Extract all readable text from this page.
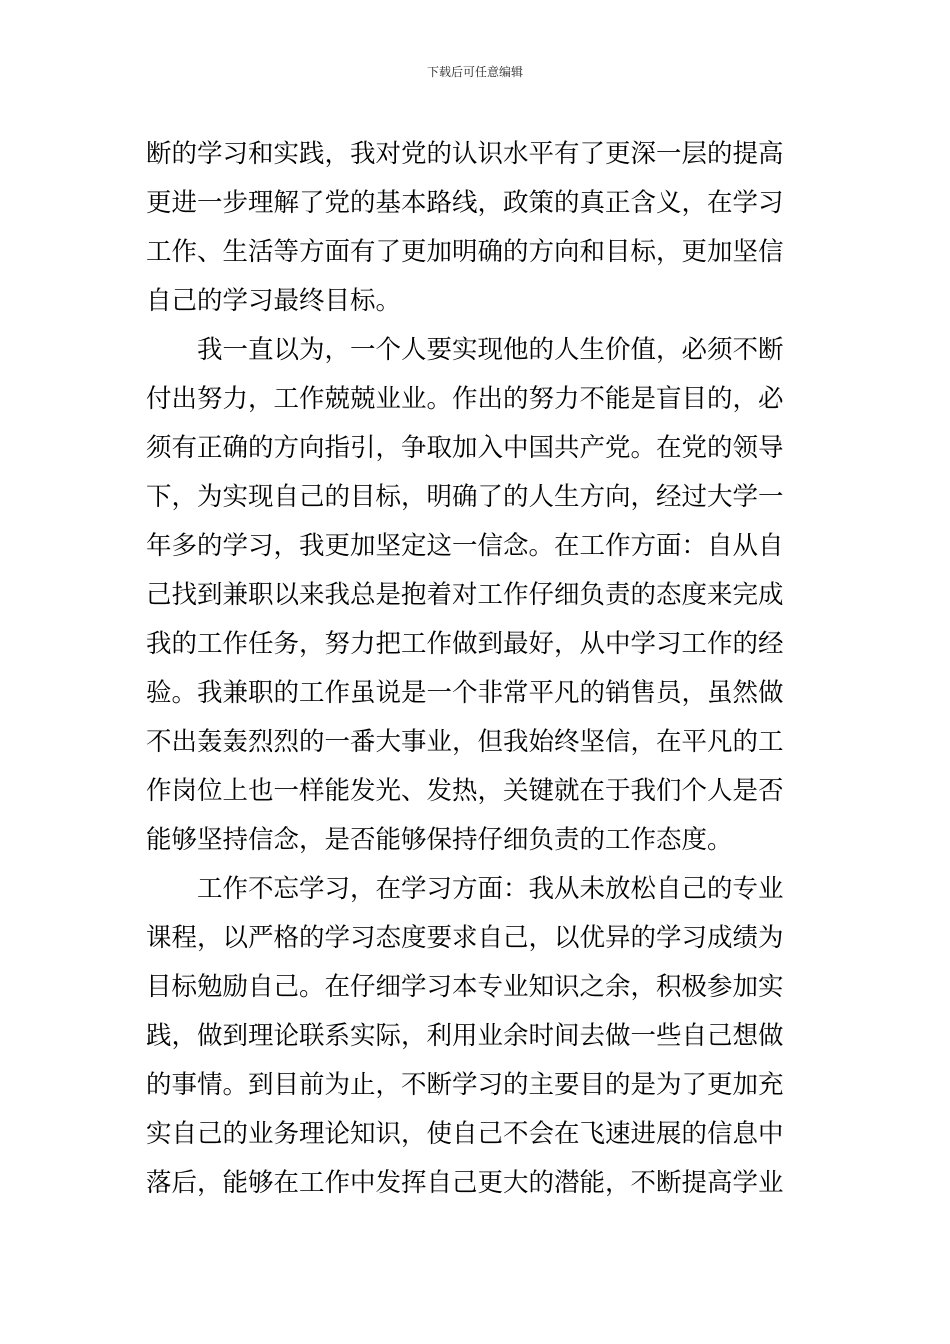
下载后可任意编辑
断的学习和实践，我对党的认识水平有了更深一层的提高
更进一步理解了党的基本路线，政策的真正含义，在学习
工作、生活等方面有了更加明确的方向和目标，更加坚信
自己的学习最终目标。
我一直以为，一个人要实现他的人生价值，必须不断
付出努力，工作兢兢业业。作出的努力不能是盲目的，必
须有正确的方向指引，争取加入中国共产党。在党的领导
下，为实现自己的目标，明确了的人生方向，经过大学一
年多的学习，我更加坚定这一信念。在工作方面：自从自
己找到兼职以来我总是抱着对工作仔细负责的态度来完成
我的工作任务，努力把工作做到最好，从中学习工作的经
验。我兼职的工作虽说是一个非常平凡的销售员，虽然做
不出轰轰烈烈的一番大事业，但我始终坚信，在平凡的工
作岗位上也一样能发光、发热，关键就在于我们个人是否
能够坚持信念，是否能够保持仔细负责的工作态度。
工作不忘学习，在学习方面：我从未放松自己的专业
课程，以严格的学习态度要求自己，以优异的学习成绩为
目标勉励自己。在仔细学习本专业知识之余，积极参加实
践，做到理论联系实际，利用业余时间去做一些自己想做
的事情。到目前为止，不断学习的主要目的是为了更加充
实自己的业务理论知识，使自己不会在飞速进展的信息中
落后，能够在工作中发挥自己更大的潜能，不断提高学业
